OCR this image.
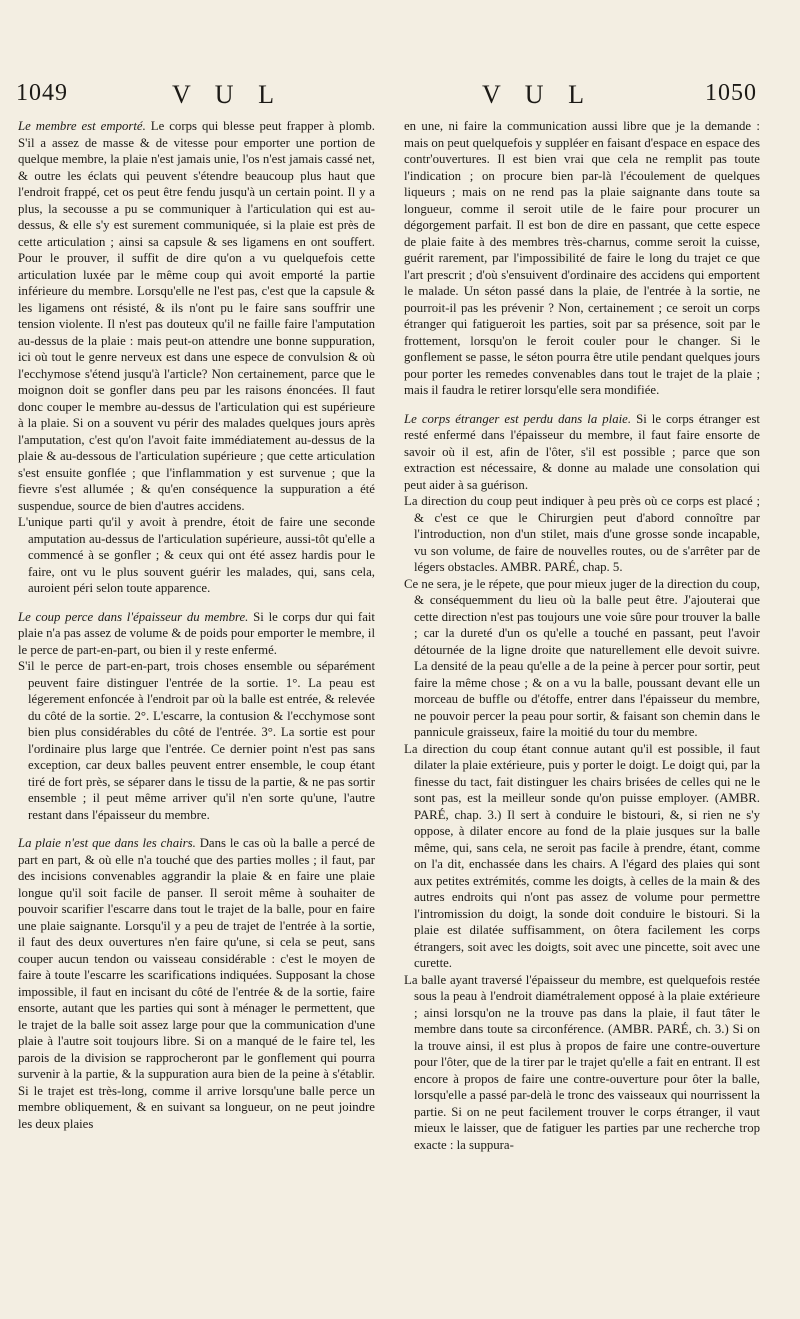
1049	V U L	V U L	1050

Le membre est emporté. Le corps qui blesse peut frapper à plomb. S'il a assez de masse & de vitesse pour emporter une portion de quelque membre, la plaie n'est jamais unie, l'os n'est jamais cassé net, & outre les éclats qui peuvent s'étendre beaucoup plus haut que l'endroit frappé, cet os peut être fendu jusqu'à un certain point. Il y a plus, la secousse a pu se communiquer à l'articulation qui est au-dessus, & elle s'y est surement communiquée, si la plaie est près de cette articulation ; ainsi sa capsule & ses ligamens en ont souffert. Pour le prouver, il suffit de dire qu'on a vu quelquefois cette articulation luxée par le même coup qui avoit emporté la partie inférieure du membre. Lorsqu'elle ne l'est pas, c'est que la capsule & les ligamens ont résisté, & ils n'ont pu le faire sans souffrir une tension violente. Il n'est pas douteux qu'il ne faille faire l'amputation au-dessus de la plaie : mais peut-on attendre une bonne suppuration, ici où tout le genre nerveux est dans une espece de convulsion & où l'ecchymose s'étend jusqu'à l'article? Non certainement, parce que le moignon doit se gonfler dans peu par les raisons énoncées. Il faut donc couper le membre au-dessus de l'articulation qui est supérieure à la plaie. Si on a souvent vu périr des malades quelques jours après l'amputation, c'est qu'on l'avoit faite immédiatement au-dessus de la plaie & au-dessous de l'articulation supérieure ; que cette articulation s'est ensuite gonflée ; que l'inflammation y est survenue ; que la fievre s'est allumée ; & qu'en conséquence la suppuration a été suspendue, source de bien d'autres accidens.

L'unique parti qu'il y avoit à prendre, étoit de faire une seconde amputation au-dessus de l'articulation supérieure, aussi-tôt qu'elle a commencé à se gonfler ; & ceux qui ont été assez hardis pour le faire, ont vu le plus souvent guérir les malades, qui, sans cela, auroient péri selon toute apparence.

Le coup perce dans l'épaisseur du membre. Si le corps dur qui fait plaie n'a pas assez de volume & de poids pour emporter le membre, il le perce de part-en-part, ou bien il y reste enfermé.

S'il le perce de part-en-part, trois choses ensemble ou séparément peuvent faire distinguer l'entrée de la sortie. 1°. La peau est légerement enfoncée à l'endroit par où la balle est entrée, & relevée du côté de la sortie. 2°. L'escarre, la contusion & l'ecchymose sont bien plus considérables du côté de l'entrée. 3°. La sortie est pour l'ordinaire plus large que l'entrée. Ce dernier point n'est pas sans exception, car deux balles peuvent entrer ensemble, le coup étant tiré de fort près, se séparer dans le tissu de la partie, & ne pas sortir ensemble ; il peut même arriver qu'il n'en sorte qu'une, l'autre restant dans l'épaisseur du membre.

La plaie n'est que dans les chairs. Dans le cas où la balle a percé de part en part, & où elle n'a touché que des parties molles ; il faut, par des incisions convenables aggrandir la plaie & en faire une plaie longue qu'il soit facile de panser. Il seroit même à souhaiter de pouvoir scarifier l'escarre dans tout le trajet de la balle, pour en faire une plaie saignante. Lorsqu'il y a peu de trajet de l'entrée à la sortie, il faut des deux ouvertures n'en faire qu'une, si cela se peut, sans couper aucun tendon ou vaisseau considérable : c'est le moyen de faire à toute l'escarre les scarifications indiquées. Supposant la chose impossible, il faut en incisant du côté de l'entrée & de la sortie, faire ensorte, autant que les parties qui sont à ménager le permettent, que le trajet de la balle soit assez large pour que la communication d'une plaie à l'autre soit toujours libre. Si on a manqué de le faire tel, les parois de la division se rapprocheront par le gonflement qui pourra survenir à la partie, & la suppuration aura bien de la peine à s'établir. Si le trajet est très-long, comme il arrive lorsqu'une balle perce un membre obliquement, & en suivant sa longueur, on ne peut joindre les deux plaies

en une, ni faire la communication aussi libre que je la demande : mais on peut quelquefois y suppléer en faisant d'espace en espace des contr'ouvertures. Il est bien vrai que cela ne remplit pas toute l'indication ; on procure bien par-là l'écoulement de quelques liqueurs ; mais on ne rend pas la plaie saignante dans toute sa longueur, comme il seroit utile de le faire pour procurer un dégorgement parfait. Il est bon de dire en passant, que cette espece de plaie faite à des membres très-charnus, comme seroit la cuisse, guérit rarement, par l'impossibilité de faire le long du trajet ce que l'art prescrit ; d'où s'ensuivent d'ordinaire des accidens qui emportent le malade. Un séton passé dans la plaie, de l'entrée à la sortie, ne pourroit-il pas les prévenir ? Non, certainement ; ce seroit un corps étranger qui fatigueroit les parties, soit par sa présence, soit par le frottement, lorsqu'on le feroit couler pour le changer. Si le gonflement se passe, le séton pourra être utile pendant quelques jours pour porter les remedes convenables dans tout le trajet de la plaie ; mais il faudra le retirer lorsqu'elle sera mondifiée.

Le corps étranger est perdu dans la plaie. Si le corps étranger est resté enfermé dans l'épaisseur du membre, il faut faire ensorte de savoir où il est, afin de l'ôter, s'il est possible ; parce que son extraction est nécessaire, & donne au malade une consolation qui peut aider à sa guérison.

La direction du coup peut indiquer à peu près où ce corps est placé ; & c'est ce que le Chirurgien peut d'abord connoître par l'introduction, non d'un stilet, mais d'une grosse sonde incapable, vu son volume, de faire de nouvelles routes, ou de s'arrêter par de légers obstacles. AMBR. PARÉ, chap. 5.

Ce ne sera, je le répete, que pour mieux juger de la direction du coup, & conséquemment du lieu où la balle peut être. J'ajouterai que cette direction n'est pas toujours une voie sûre pour trouver la balle ; car la dureté d'un os qu'elle a touché en passant, peut l'avoir détournée de la ligne droite que naturellement elle devoit suivre. La densité de la peau qu'elle a de la peine à percer pour sortir, peut faire la même chose ; & on a vu la balle, poussant devant elle un morceau de buffle ou d'étoffe, entrer dans l'épaisseur du membre, ne pouvoir percer la peau pour sortir, & faisant son chemin dans le pannicule graisseux, faire la moitié du tour du membre.

La direction du coup étant connue autant qu'il est possible, il faut dilater la plaie extérieure, puis y porter le doigt. Le doigt qui, par la finesse du tact, fait distinguer les chairs brisées de celles qui ne le sont pas, est la meilleur sonde qu'on puisse employer. (AMBR. PARÉ, chap. 3.) Il sert à conduire le bistouri, &, si rien ne s'y oppose, à dilater encore au fond de la plaie jusques sur la balle même, qui, sans cela, ne seroit pas facile à prendre, étant, comme on l'a dit, enchassée dans les chairs. A l'égard des plaies qui sont aux petites extrémités, comme les doigts, à celles de la main & des autres endroits qui n'ont pas assez de volume pour permettre l'intromission du doigt, la sonde doit conduire le bistouri. Si la plaie est dilatée suffisamment, on ôtera facilement les corps étrangers, soit avec les doigts, soit avec une pincette, soit avec une curette.

La balle ayant traversé l'épaisseur du membre, est quelquefois restée sous la peau à l'endroit diamétralement opposé à la plaie extérieure ; ainsi lorsqu'on ne la trouve pas dans la plaie, il faut tâter le membre dans toute sa circonférence. (AMBR. PARÉ, ch. 3.) Si on la trouve ainsi, il est plus à propos de faire une contre-ouverture pour l'ôter, que de la tirer par le trajet qu'elle a fait en entrant. Il est encore à propos de faire une contre-ouverture pour ôter la balle, lorsqu'elle a passé par-delà le tronc des vaisseaux qui nourrissent la partie. Si on ne peut facilement trouver le corps étranger, il vaut mieux le laisser, que de fatiguer les parties par une recherche trop exacte : la suppura-
